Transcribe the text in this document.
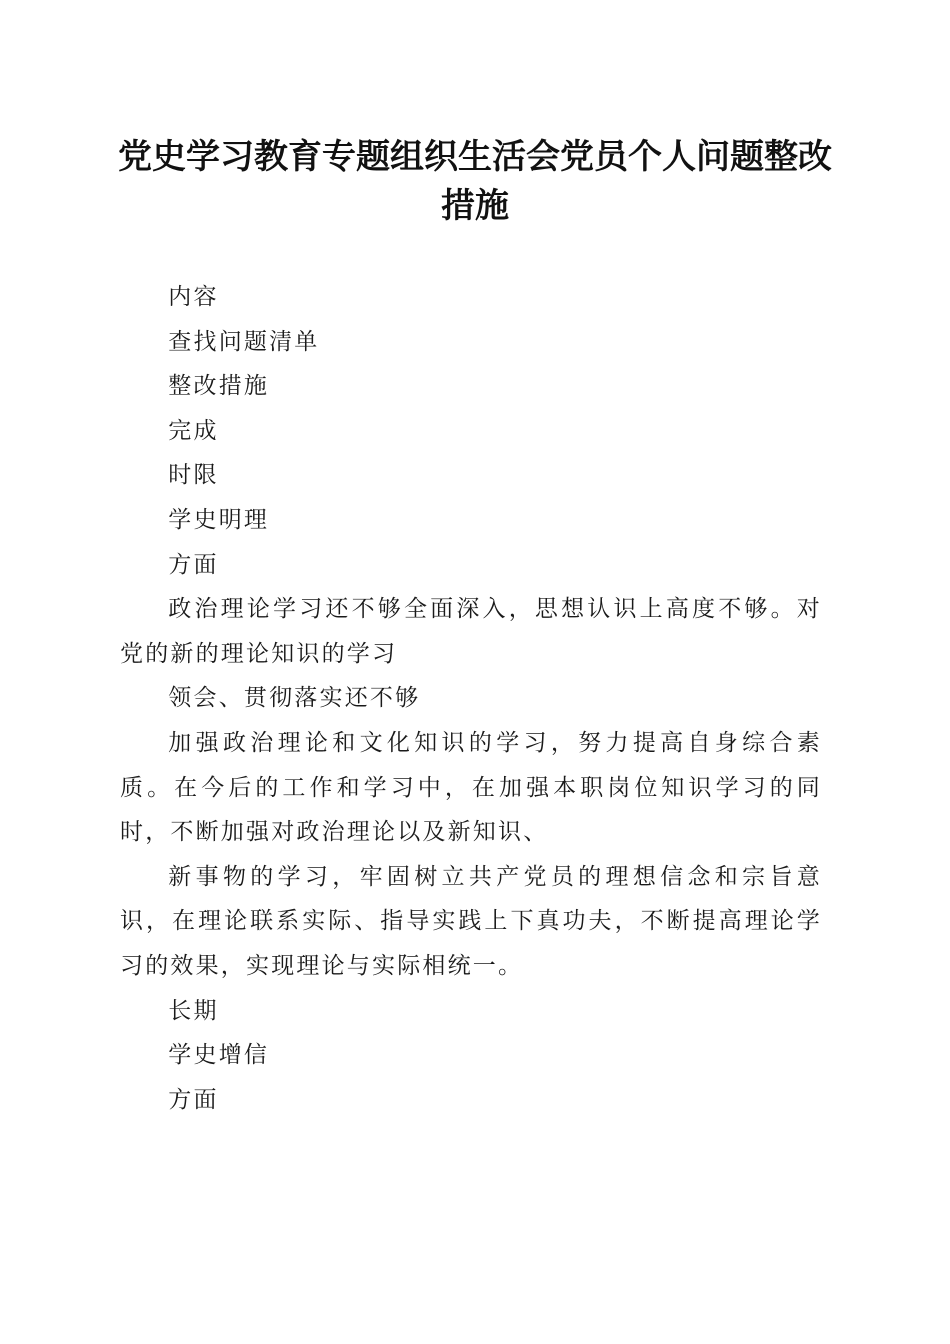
党史学习教育专题组织生活会党员个人问题整改措施

内容

查找问题清单

整改措施

完成

时限

学史明理

方面

政治理论学习还不够全面深入，思想认识上高度不够。对党的新的理论知识的学习

领会、贯彻落实还不够

加强政治理论和文化知识的学习，努力提高自身综合素质。在今后的工作和学习中，在加强本职岗位知识学习的同时，不断加强对政治理论以及新知识、

新事物的学习，牢固树立共产党员的理想信念和宗旨意识，在理论联系实际、指导实践上下真功夫，不断提高理论学习的效果，实现理论与实际相统一。

长期

学史增信

方面
